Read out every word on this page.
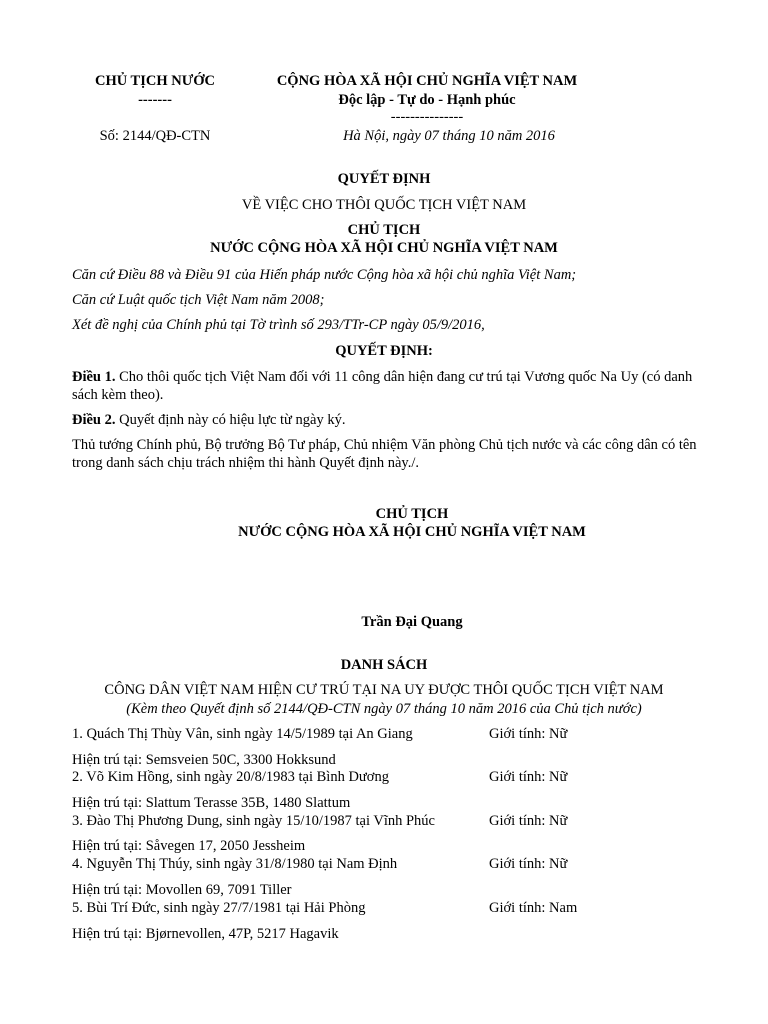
CHỦ TỊCH NƯỚC
-------
Số: 2144/QĐ-CTN
CỘNG HÒA XÃ HỘI CHỦ NGHĨA VIỆT NAM
Độc lập - Tự do - Hạnh phúc
---------------
Hà Nội, ngày 07 tháng 10 năm 2016
QUYẾT ĐỊNH
VỀ VIỆC CHO THÔI QUỐC TỊCH VIỆT NAM
CHỦ TỊCH
NƯỚC CỘNG HÒA XÃ HỘI CHỦ NGHĨA VIỆT NAM
Căn cứ Điều 88 và Điều 91 của Hiến pháp nước Cộng hòa xã hội chủ nghĩa Việt Nam;
Căn cứ Luật quốc tịch Việt Nam năm 2008;
Xét đề nghị của Chính phủ tại Tờ trình số 293/TTr-CP ngày 05/9/2016,
QUYẾT ĐỊNH:
Điều 1. Cho thôi quốc tịch Việt Nam đối với 11 công dân hiện đang cư trú tại Vương quốc Na Uy (có danh sách kèm theo).
Điều 2. Quyết định này có hiệu lực từ ngày ký.
Thủ tướng Chính phủ, Bộ trưởng Bộ Tư pháp, Chủ nhiệm Văn phòng Chủ tịch nước và các công dân có tên trong danh sách chịu trách nhiệm thi hành Quyết định này./.
CHỦ TỊCH
NƯỚC CỘNG HÒA XÃ HỘI CHỦ NGHĨA VIỆT NAM
Trần Đại Quang
DANH SÁCH
CÔNG DÂN VIỆT NAM HIỆN CƯ TRÚ TẠI NA UY ĐƯỢC THÔI QUỐC TỊCH VIỆT NAM
(Kèm theo Quyết định số 2144/QĐ-CTN ngày 07 tháng 10 năm 2016 của Chủ tịch nước)
1. Quách Thị Thùy Vân, sinh ngày 14/5/1989 tại An Giang	Giới tính: Nữ
Hiện trú tại: Semsveien 50C, 3300 Hokksund
2. Võ Kim Hồng, sinh ngày 20/8/1983 tại Bình Dương	Giới tính: Nữ
Hiện trú tại: Slattum Terasse 35B, 1480 Slattum
3. Đào Thị Phương Dung, sinh ngày 15/10/1987 tại Vĩnh Phúc	Giới tính: Nữ
Hiện trú tại: Såvegen 17, 2050 Jessheim
4. Nguyễn Thị Thúy, sinh ngày 31/8/1980 tại Nam Định	Giới tính: Nữ
Hiện trú tại: Movollen 69, 7091 Tiller
5. Bùi Trí Đức, sinh ngày 27/7/1981 tại Hải Phòng	Giới tính: Nam
Hiện trú tại: Bjørnevollen, 47P, 5217 Hagavik
